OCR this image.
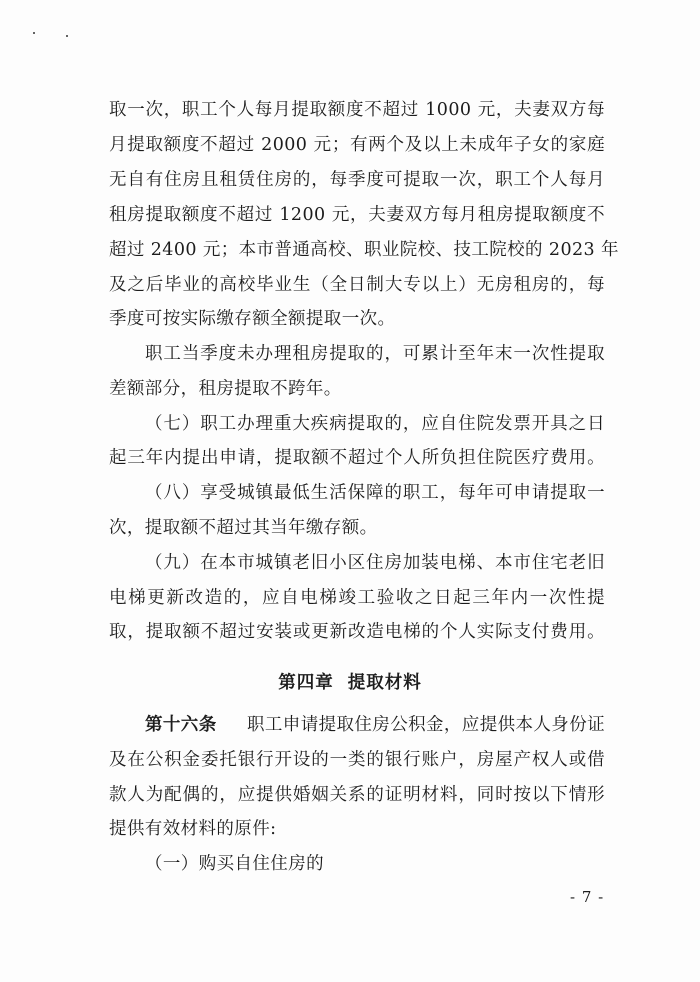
取一次，职工个人每月提取额度不超过 1000 元，夫妻双方每
月提取额度不超过 2000 元；有两个及以上未成年子女的家庭
无自有住房且租赁住房的，每季度可提取一次，职工个人每月
租房提取额度不超过 1200 元，夫妻双方每月租房提取额度不
超过 2400 元；本市普通高校、职业院校、技工院校的 2023 年
及之后毕业的高校毕业生（全日制大专以上）无房租房的，每
季度可按实际缴存额全额提取一次。
职工当季度未办理租房提取的，可累计至年末一次性提取
差额部分，租房提取不跨年。
（七）职工办理重大疾病提取的，应自住院发票开具之日
起三年内提出申请，提取额不超过个人所负担住院医疗费用。
（八）享受城镇最低生活保障的职工，每年可申请提取一
次，提取额不超过其当年缴存额。
（九）在本市城镇老旧小区住房加装电梯、本市住宅老旧
电梯更新改造的，应自电梯竣工验收之日起三年内一次性提
取，提取额不超过安装或更新改造电梯的个人实际支付费用。
第四章 提取材料
第十六条 职工申请提取住房公积金，应提供本人身份证
及在公积金委托银行开设的一类的银行账户，房屋产权人或借
款人为配偶的，应提供婚姻关系的证明材料，同时按以下情形
提供有效材料的原件:
（一）购买自住住房的
- 7 -
